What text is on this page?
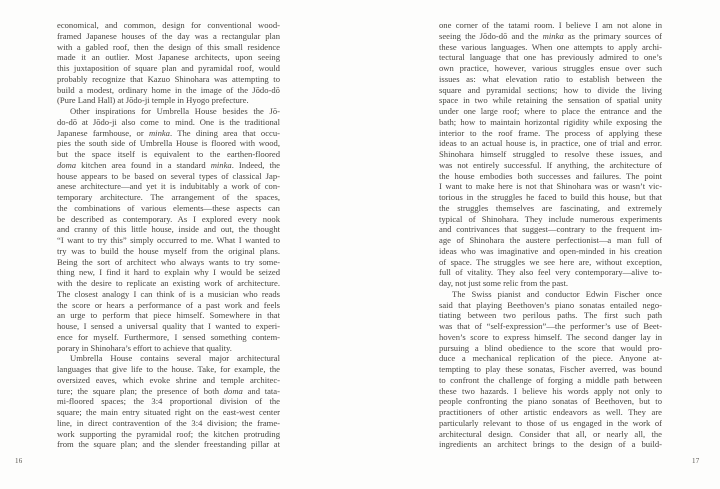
economical, and common, design for conventional wood-
framed Japanese houses of the day was a rectangular plan
with a gabled roof, then the design of this small residence
made it an outlier. Most Japanese architects, upon seeing
this juxtaposition of square plan and pyramidal roof, would
probably recognize that Kazuo Shinohara was attempting to
build a modest, ordinary home in the image of the Jōdo-dō
(Pure Land Hall) at Jōdo-ji temple in Hyogo prefecture.
Other inspirations for Umbrella House besides the Jō-
do-dō at Jōdo-ji also come to mind. One is the traditional
Japanese farmhouse, or minka. The dining area that occu-
pies the south side of Umbrella House is floored with wood,
but the space itself is equivalent to the earthen-floored
doma kitchen area found in a standard minka. Indeed, the
house appears to be based on several types of classical Jap-
anese architecture—and yet it is indubitably a work of con-
temporary architecture. The arrangement of the spaces,
the combinations of various elements—these aspects can
be described as contemporary. As I explored every nook
and cranny of this little house, inside and out, the thought
“I want to try this” simply occurred to me. What I wanted to
try was to build the house myself from the original plans.
Being the sort of architect who always wants to try some-
thing new, I find it hard to explain why I would be seized
with the desire to replicate an existing work of architecture.
The closest analogy I can think of is a musician who reads
the score or hears a performance of a past work and feels
an urge to perform that piece himself. Somewhere in that
house, I sensed a universal quality that I wanted to experi-
ence for myself. Furthermore, I sensed something contem-
porary in Shinohara’s effort to achieve that quality.
Umbrella House contains several major architectural
languages that give life to the house. Take, for example, the
oversized eaves, which evoke shrine and temple architec-
ture; the square plan; the presence of both doma and tata-
mi-floored spaces; the 3:4 proportional division of the
square; the main entry situated right on the east-west center
line, in direct contravention of the 3:4 division; the frame-
work supporting the pyramidal roof; the kitchen protruding
from the square plan; and the slender freestanding pillar at
one corner of the tatami room. I believe I am not alone in
seeing the Jōdo-dō and the minka as the primary sources of
these various languages. When one attempts to apply archi-
tectural language that one has previously admired to one’s
own practice, however, various struggles ensue over such
issues as: what elevation ratio to establish between the
square and pyramidal sections; how to divide the living
space in two while retaining the sensation of spatial unity
under one large roof; where to place the entrance and the
bath; how to maintain horizontal rigidity while exposing the
interior to the roof frame. The process of applying these
ideas to an actual house is, in practice, one of trial and error.
Shinohara himself struggled to resolve these issues, and
was not entirely successful. If anything, the architecture of
the house embodies both successes and failures. The point
I want to make here is not that Shinohara was or wasn’t vic-
torious in the struggles he faced to build this house, but that
the struggles themselves are fascinating, and extremely
typical of Shinohara. They include numerous experiments
and contrivances that suggest—contrary to the frequent im-
age of Shinohara the austere perfectionist—a man full of
ideas who was imaginative and open-minded in his creation
of space. The struggles we see here are, without exception,
full of vitality. They also feel very contemporary—alive to-
day, not just some relic from the past.
The Swiss pianist and conductor Edwin Fischer once
said that playing Beethoven’s piano sonatas entailed nego-
tiating between two perilous paths. The first such path
was that of “self-expression”—the performer’s use of Beet-
hoven’s score to express himself. The second danger lay in
pursuing a blind obedience to the score that would pro-
duce a mechanical replication of the piece. Anyone at-
tempting to play these sonatas, Fischer averred, was bound
to confront the challenge of forging a middle path between
these two hazards. I believe his words apply not only to
people confronting the piano sonatas of Beethoven, but to
practitioners of other artistic endeavors as well. They are
particularly relevant to those of us engaged in the work of
architectural design. Consider that all, or nearly all, the
ingredients an architect brings to the design of a build-
16	17
